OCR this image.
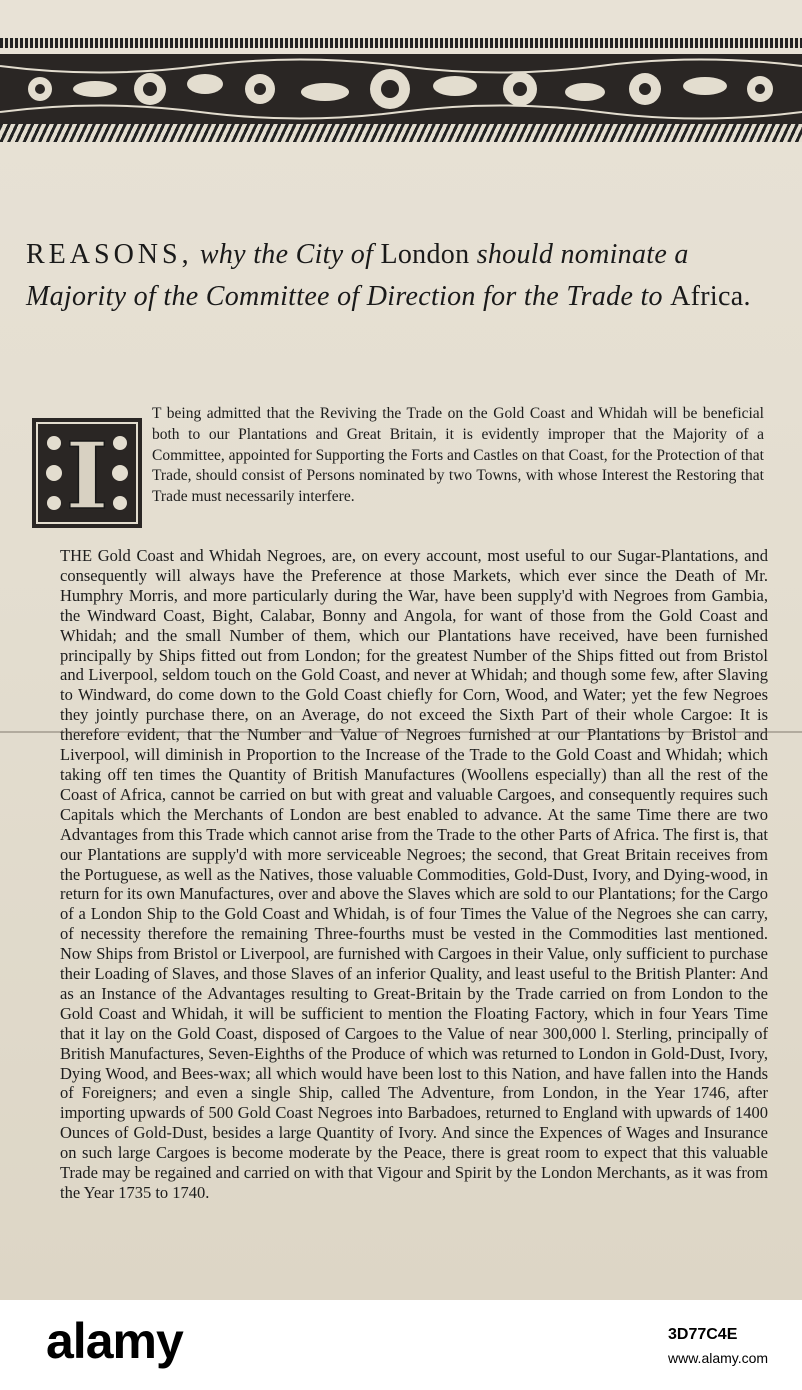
REASONS, why the City of London should nominate a Majority of the Committee of Direction for the Trade to Africa.
I

T being admitted that the Reviving the Trade on the Gold Coast and Whidah will be beneficial both to our Plantations and Great Britain, it is evidently improper that the Majority of a Committee, appointed for Supporting the Forts and Castles on that Coast, for the Protection of that Trade, should consist of Persons nominated by two Towns, with whose Interest the Restoring that Trade must necessarily interfere.

THE Gold Coast and Whidah Negroes, are, on every account, most useful to our Sugar-Plantations, and consequently will always have the Preference at those Markets, which ever since the Death of Mr. Humphry Morris, and more particularly during the War, have been supply'd with Negroes from Gambia, the Windward Coast, Bight, Calabar, Bonny and Angola, for want of those from the Gold Coast and Whidah; and the small Number of them, which our Plantations have received, have been furnished principally by Ships fitted out from London; for the greatest Number of the Ships fitted out from Bristol and Liverpool, seldom touch on the Gold Coast, and never at Whidah; and though some few, after Slaving to Windward, do come down to the Gold Coast chiefly for Corn, Wood, and Water; yet the few Negroes they jointly purchase there, on an Average, do not exceed the Sixth Part of their whole Cargoe: It is therefore evident, that the Number and Value of Negroes furnished at our Plantations by Bristol and Liverpool, will diminish in Proportion to the Increase of the Trade to the Gold Coast and Whidah; which taking off ten times the Quantity of British Manufactures (Woollens especially) than all the rest of the Coast of Africa, cannot be carried on but with great and valuable Cargoes, and consequently requires such Capitals which the Merchants of London are best enabled to advance. At the same Time there are two Advantages from this Trade which cannot arise from the Trade to the other Parts of Africa. The first is, that our Plantations are supply'd with more serviceable Negroes; the second, that Great Britain receives from the Portuguese, as well as the Natives, those valuable Commodities, Gold-Dust, Ivory, and Dying-wood, in return for its own Manufactures, over and above the Slaves which are sold to our Plantations; for the Cargo of a London Ship to the Gold Coast and Whidah, is of four Times the Value of the Negroes she can carry, of necessity therefore the remaining Three-fourths must be vested in the Commodities last mentioned. Now Ships from Bristol or Liverpool, are furnished with Cargoes in their Value, only sufficient to purchase their Loading of Slaves, and those Slaves of an inferior Quality, and least useful to the British Planter: And as an Instance of the Advantages resulting to Great-Britain by the Trade carried on from London to the Gold Coast and Whidah, it will be sufficient to mention the Floating Factory, which in four Years Time that it lay on the Gold Coast, disposed of Cargoes to the Value of near 300,000 l. Sterling, principally of British Manufactures, Seven-Eighths of the Produce of which was returned to London in Gold-Dust, Ivory, Dying Wood, and Bees-wax; all which would have been lost to this Nation, and have fallen into the Hands of Foreigners; and even a single Ship, called The Adventure, from London, in the Year 1746, after importing upwards of 500 Gold Coast Negroes into Barbadoes, returned to England with upwards of 1400 Ounces of Gold-Dust, besides a large Quantity of Ivory. And since the Expences of Wages and Insurance on such large Cargoes is become moderate by the Peace, there is great room to expect that this valuable Trade may be regained and carried on with that Vigour and Spirit by the London Merchants, as it was from the Year 1735 to 1740.

alamy	3D77C4E

www.alamy.com
